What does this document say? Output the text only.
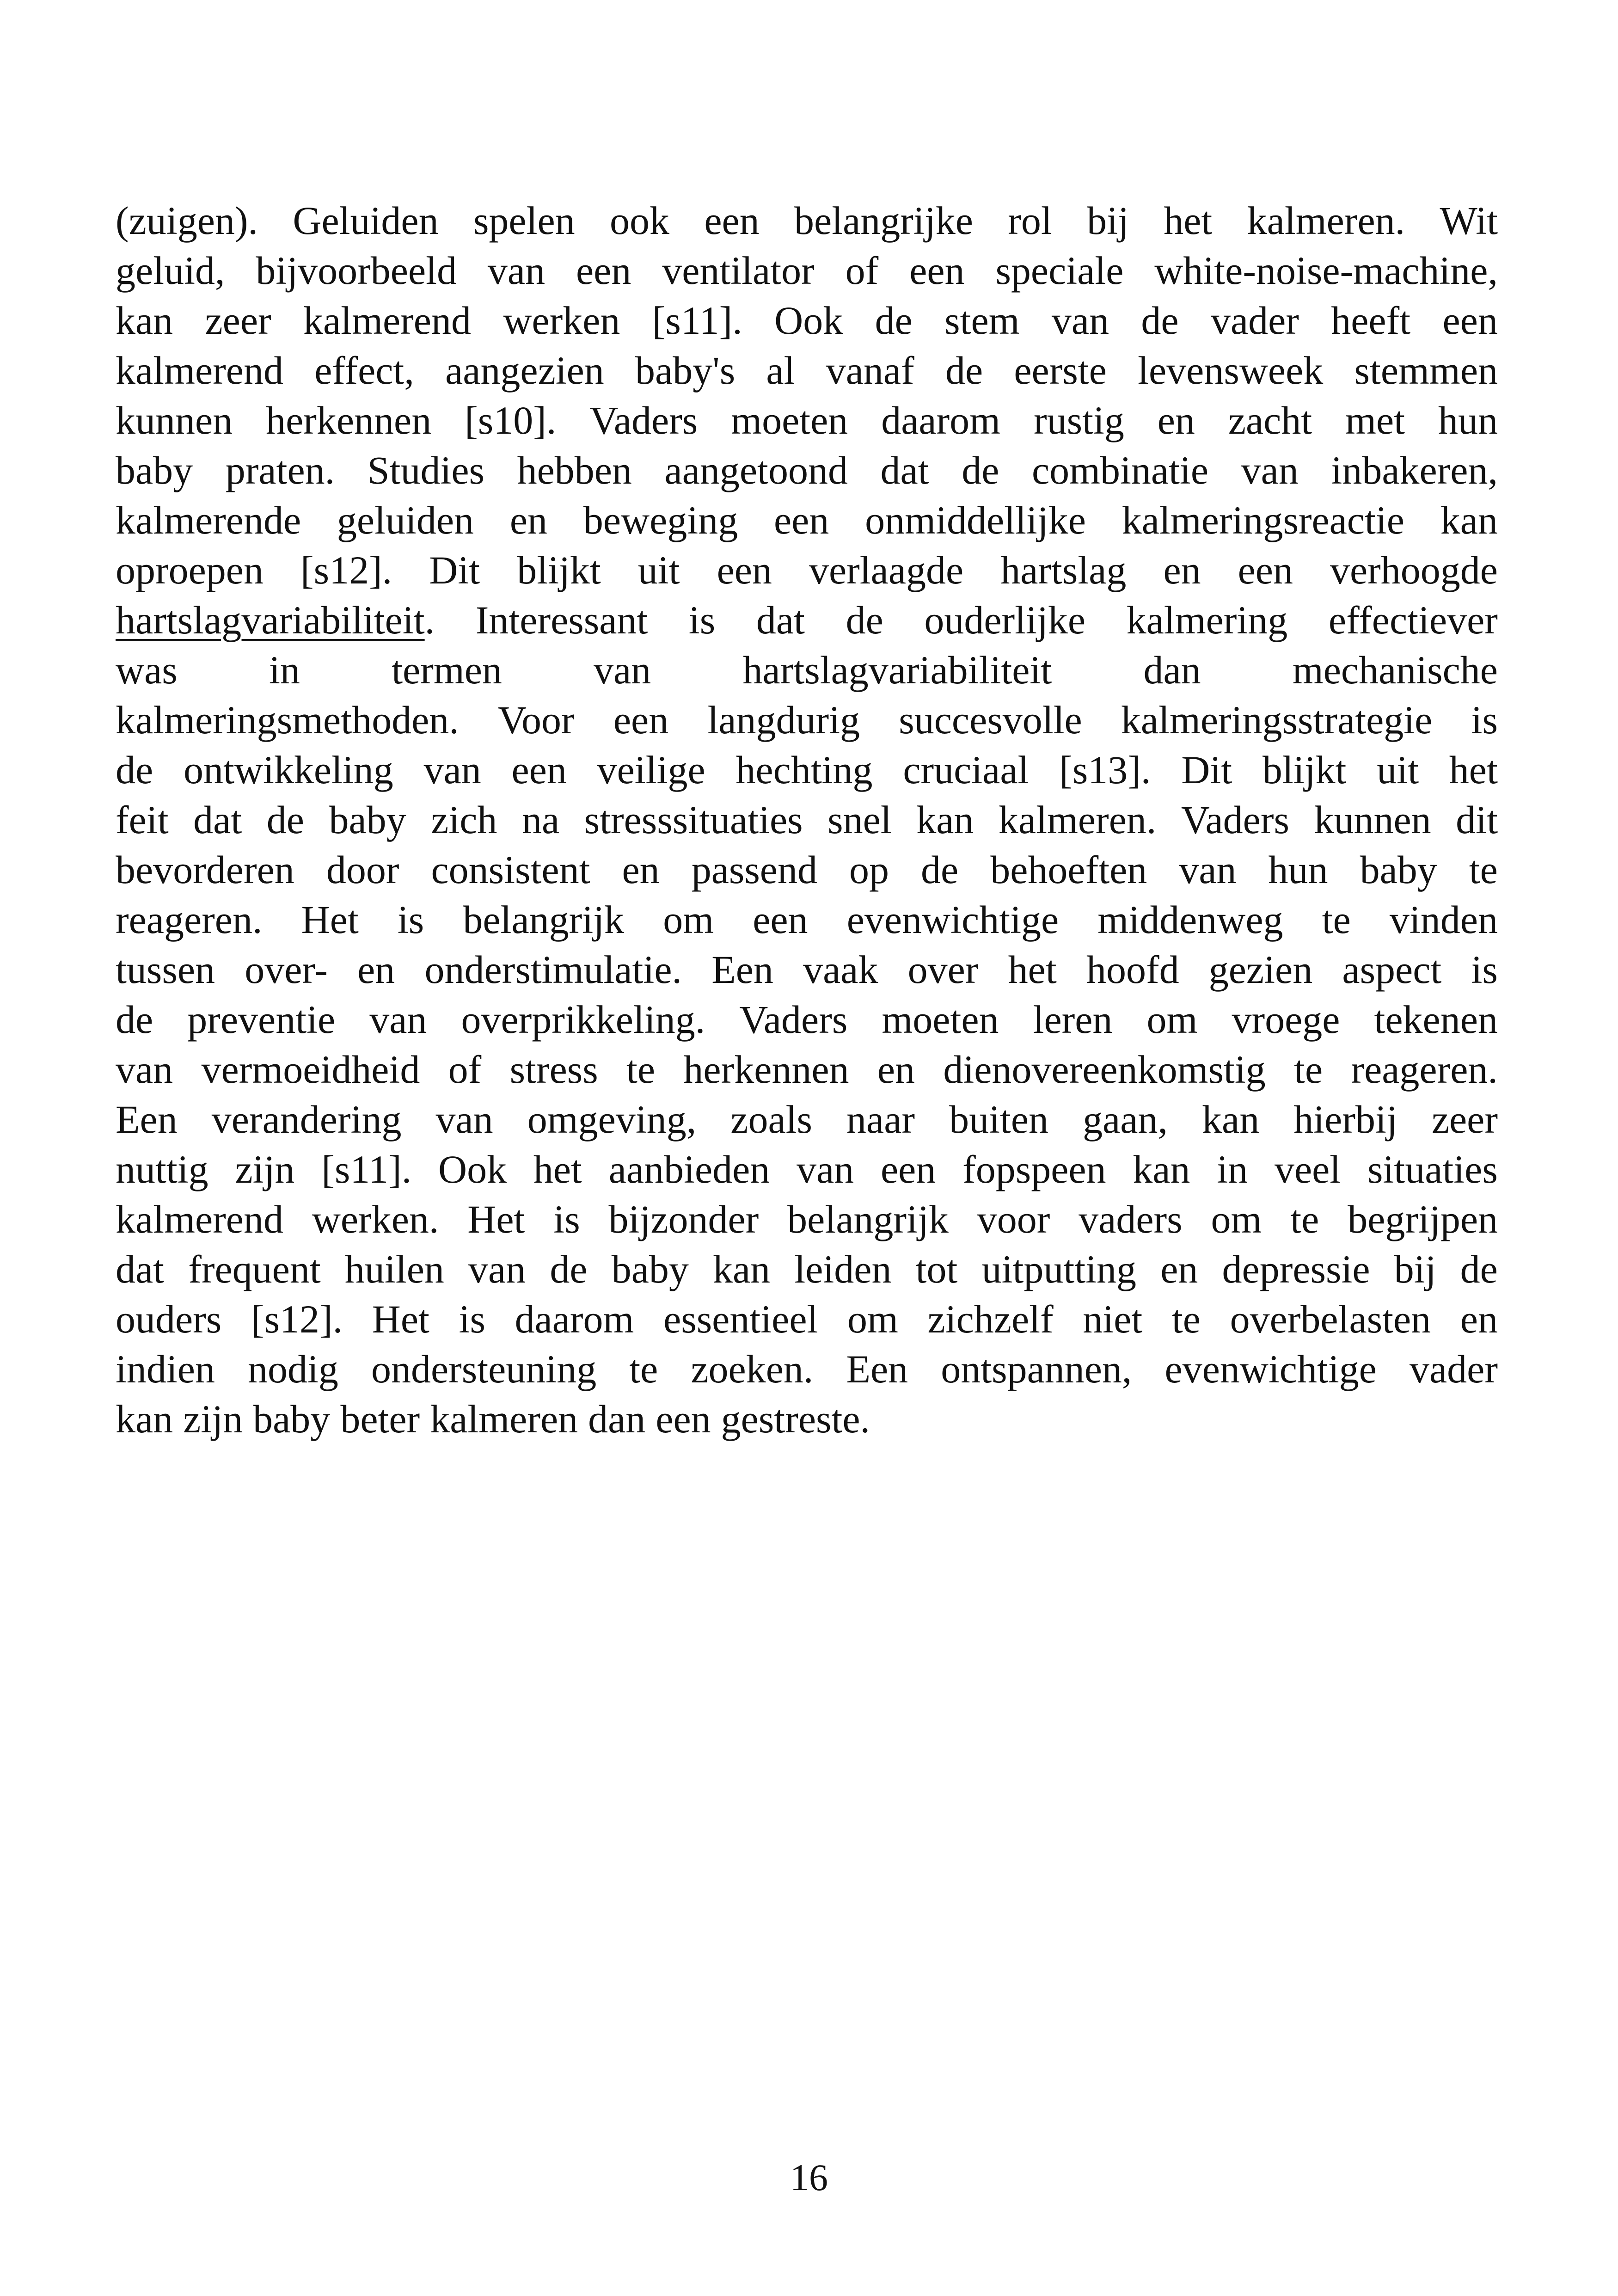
(zuigen). Geluiden spelen ook een belangrijke rol bij het kalmeren. Wit
geluid, bijvoorbeeld van een ventilator of een speciale white-noise-machine,
kan zeer kalmerend werken [s11]. Ook de stem van de vader heeft een
kalmerend effect, aangezien baby's al vanaf de eerste levensweek stemmen
kunnen herkennen [s10]. Vaders moeten daarom rustig en zacht met hun
baby praten. Studies hebben aangetoond dat de combinatie van inbakeren,
kalmerende geluiden en beweging een onmiddellijke kalmeringsreactie kan
oproepen [s12]. Dit blijkt uit een verlaagde hartslag en een verhoogde
hartslagvariabiliteit. Interessant is dat de ouderlijke kalmering effectiever
was in termen van hartslagvariabiliteit dan mechanische
kalmeringsmethoden. Voor een langdurig succesvolle kalmeringsstrategie is
de ontwikkeling van een veilige hechting cruciaal [s13]. Dit blijkt uit het
feit dat de baby zich na stresssituaties snel kan kalmeren. Vaders kunnen dit
bevorderen door consistent en passend op de behoeften van hun baby te
reageren. Het is belangrijk om een evenwichtige middenweg te vinden
tussen over- en onderstimulatie. Een vaak over het hoofd gezien aspect is
de preventie van overprikkeling. Vaders moeten leren om vroege tekenen
van vermoeidheid of stress te herkennen en dienovereenkomstig te reageren.
Een verandering van omgeving, zoals naar buiten gaan, kan hierbij zeer
nuttig zijn [s11]. Ook het aanbieden van een fopspeen kan in veel situaties
kalmerend werken. Het is bijzonder belangrijk voor vaders om te begrijpen
dat frequent huilen van de baby kan leiden tot uitputting en depressie bij de
ouders [s12]. Het is daarom essentieel om zichzelf niet te overbelasten en
indien nodig ondersteuning te zoeken. Een ontspannen, evenwichtige vader
kan zijn baby beter kalmeren dan een gestreste.
16
